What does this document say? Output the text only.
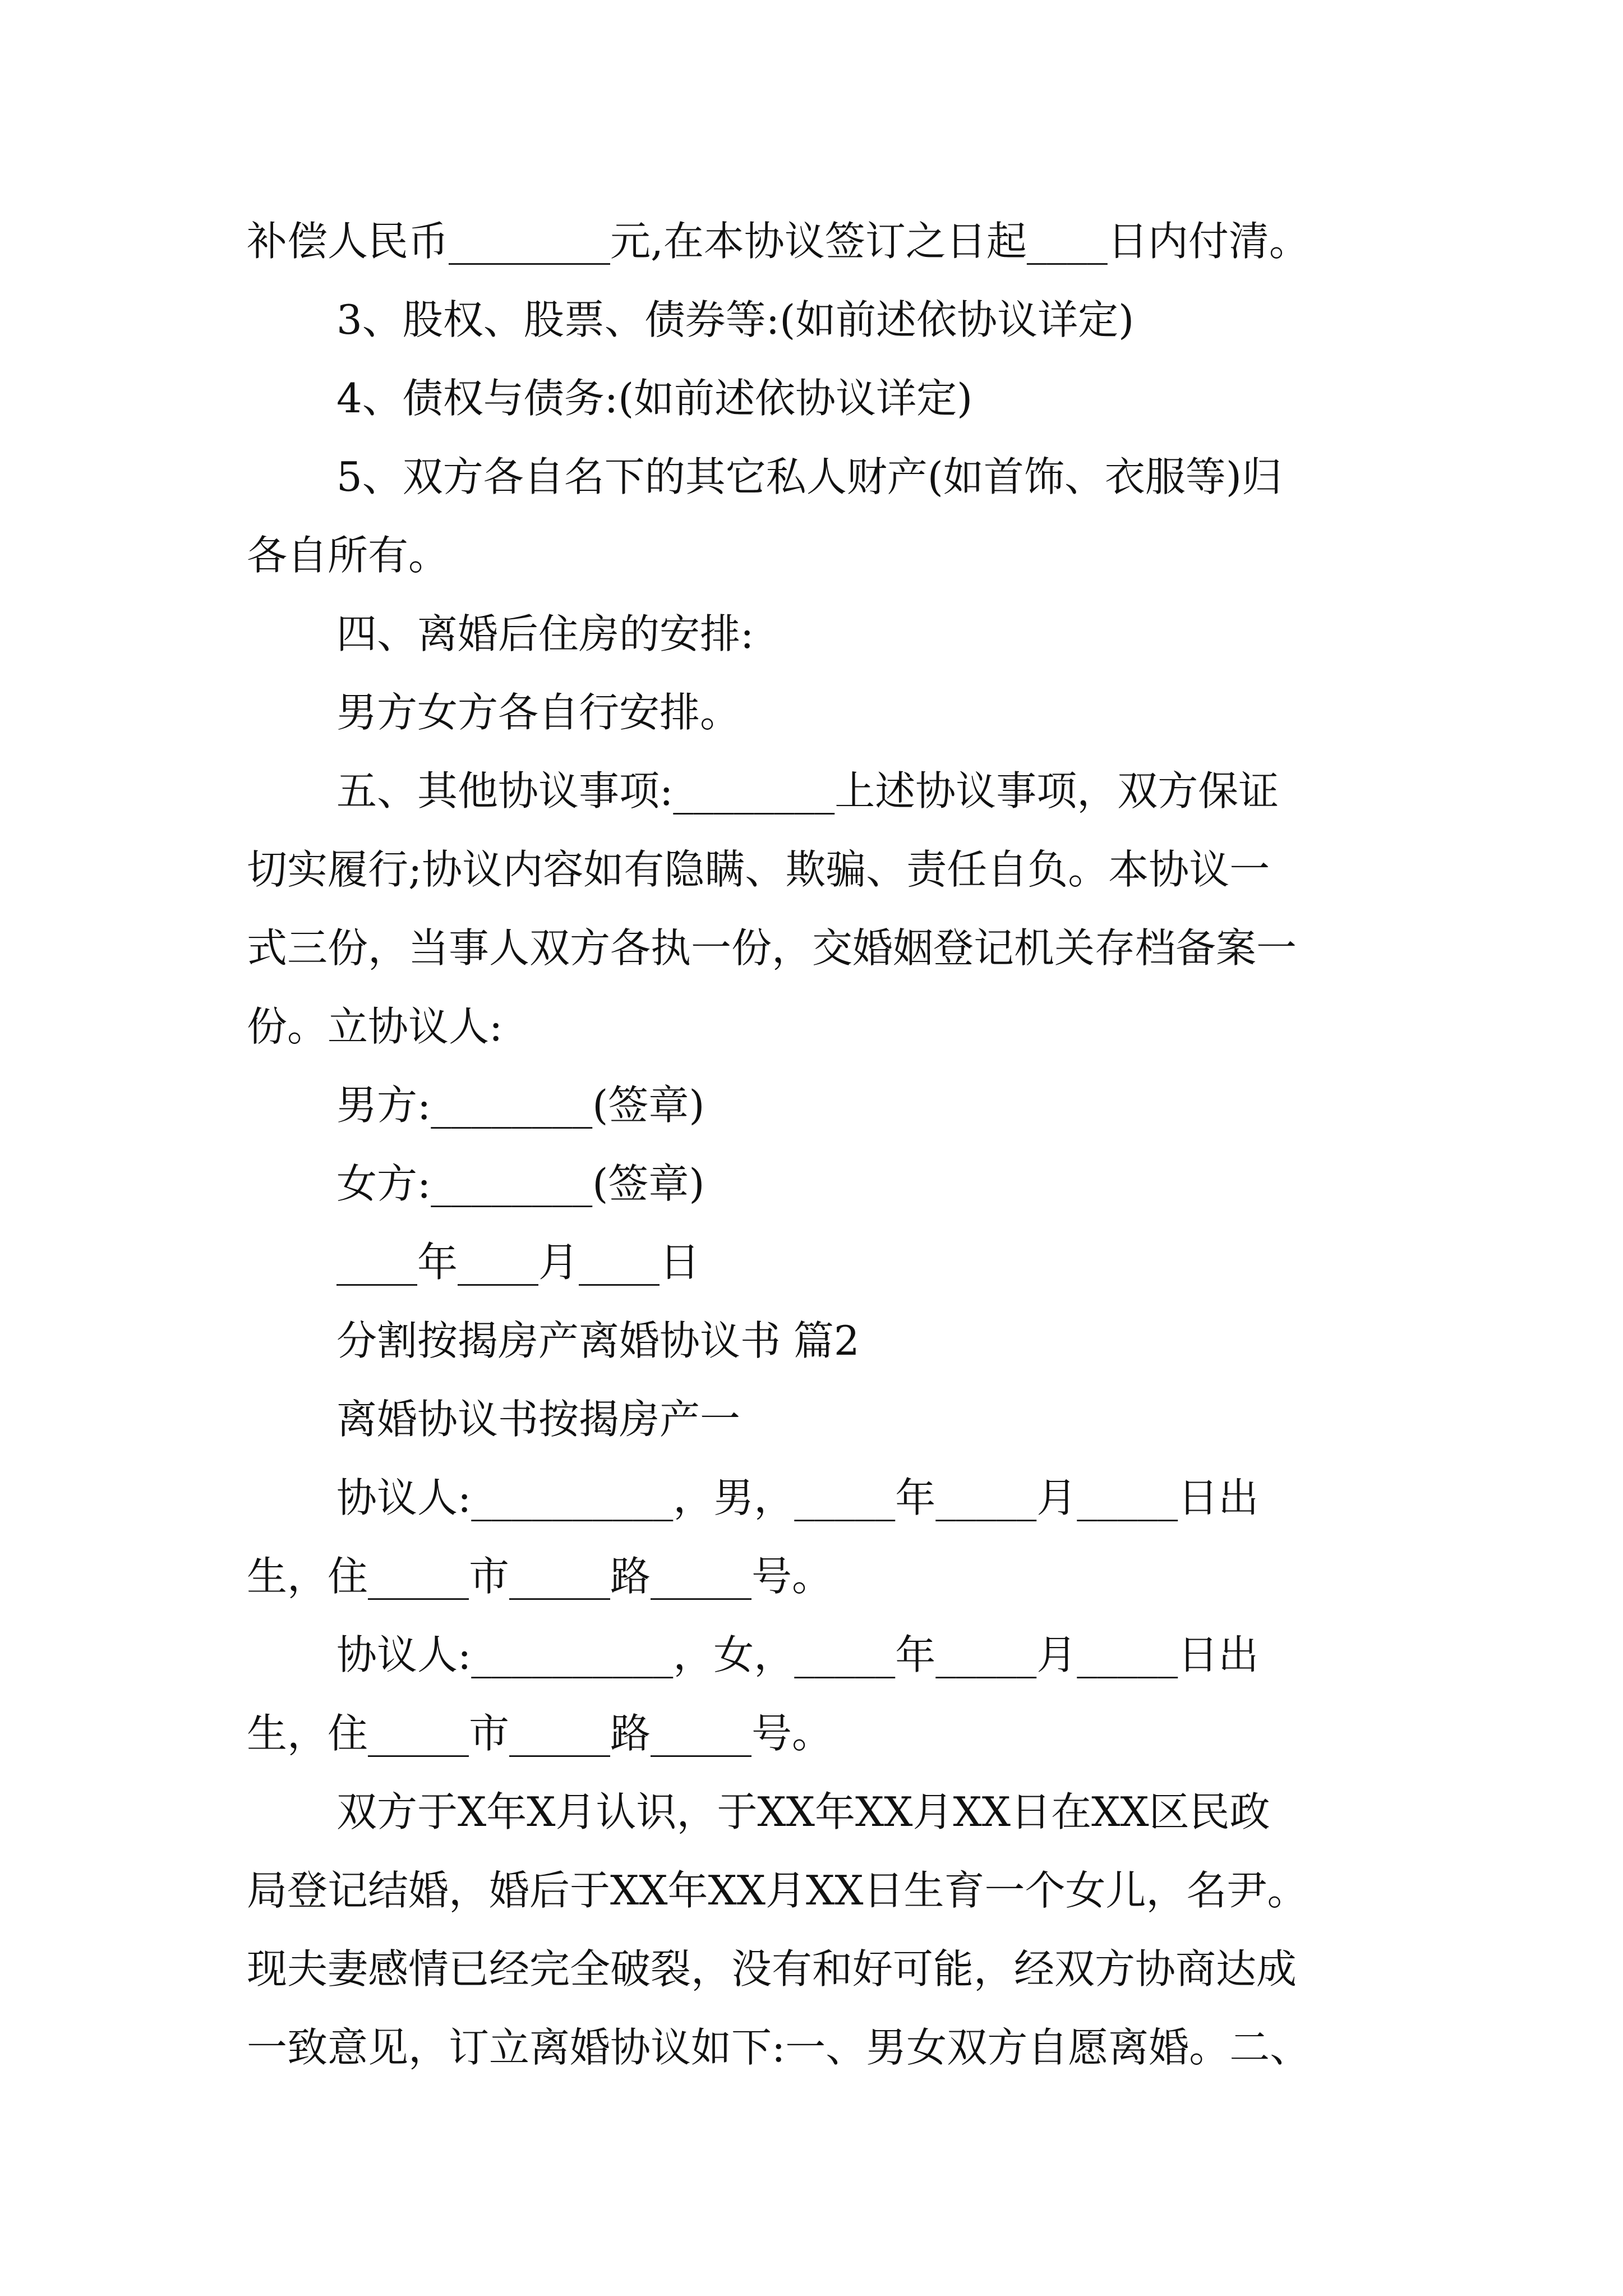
补偿人民币________元,在本协议签订之日起____日内付清。
3、股权、股票、债券等:(如前述依协议详定)
4、债权与债务:(如前述依协议详定)
5、双方各自名下的其它私人财产(如首饰、衣服等)归
各自所有。
四、离婚后住房的安排:
男方女方各自行安排。
五、其他协议事项:________上述协议事项，双方保证
切实履行;协议内容如有隐瞒、欺骗、责任自负。本协议一
式三份，当事人双方各执一份，交婚姻登记机关存档备案一
份。立协议人:
男方:________(签章)
女方:________(签章)
____年____月____日
分割按揭房产离婚协议书 篇2
离婚协议书按揭房产一
协议人:__________，男，_____年_____月_____日出
生，住_____市_____路_____号。
协议人:__________，女，_____年_____月_____日出
生，住_____市_____路_____号。
双方于X年X月认识，于XX年XX月XX日在XX区民政
局登记结婚，婚后于XX年XX月XX日生育一个女儿，名尹。
现夫妻感情已经完全破裂，没有和好可能，经双方协商达成
一致意见，订立离婚协议如下:一、男女双方自愿离婚。二、
